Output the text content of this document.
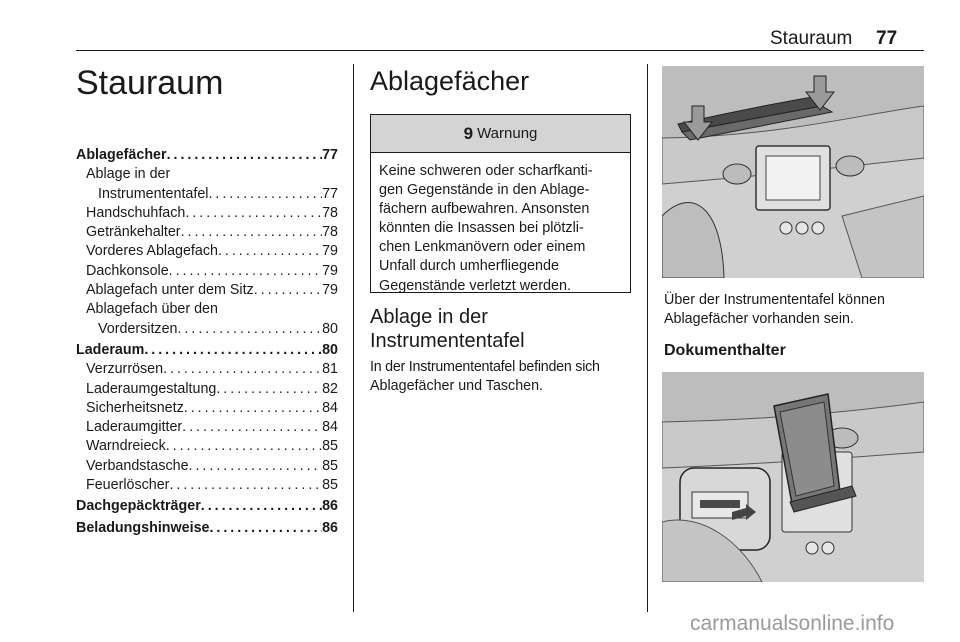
Stauraum 77
Stauraum
Ablagefächer . . .	77
Ablage in der
Instrumententafel . . .	77
Handschuhfach . . .	78
Getränkehalter . . .	78
Vorderes Ablagefach . . .	79
Dachkonsole . . .	79
Ablagefach unter dem Sitz . . .	79
Ablagefach über den
Vordersitzen . . .	80
Laderaum . . .	80
Verzurrösen . . .	81
Laderaumgestaltung . . .	82
Sicherheitsnetz . . .	84
Laderaumgitter . . .	84
Warndreieck . . .	85
Verbandstasche . . .	85
Feuerlöscher . . .	85
Dachgepäckträger . . .	86
Beladungshinweise . . .	86
Ablagefächer
9 Warnung
Keine schweren oder scharfkanti-
gen Gegenstände in den Ablage-
fächern aufbewahren. Ansonsten
könnten die Insassen bei plötzli-
chen Lenkmanövern oder einem
Unfall durch umherfliegende
Gegenstände verletzt werden.
Ablage in der
Instrumententafel
In der Instrumententafel befinden sich
Ablagefächer und Taschen.
Über der Instrumententafel können
Ablagefächer vorhanden sein.
Dokumenthalter
carmanualsonline.info
